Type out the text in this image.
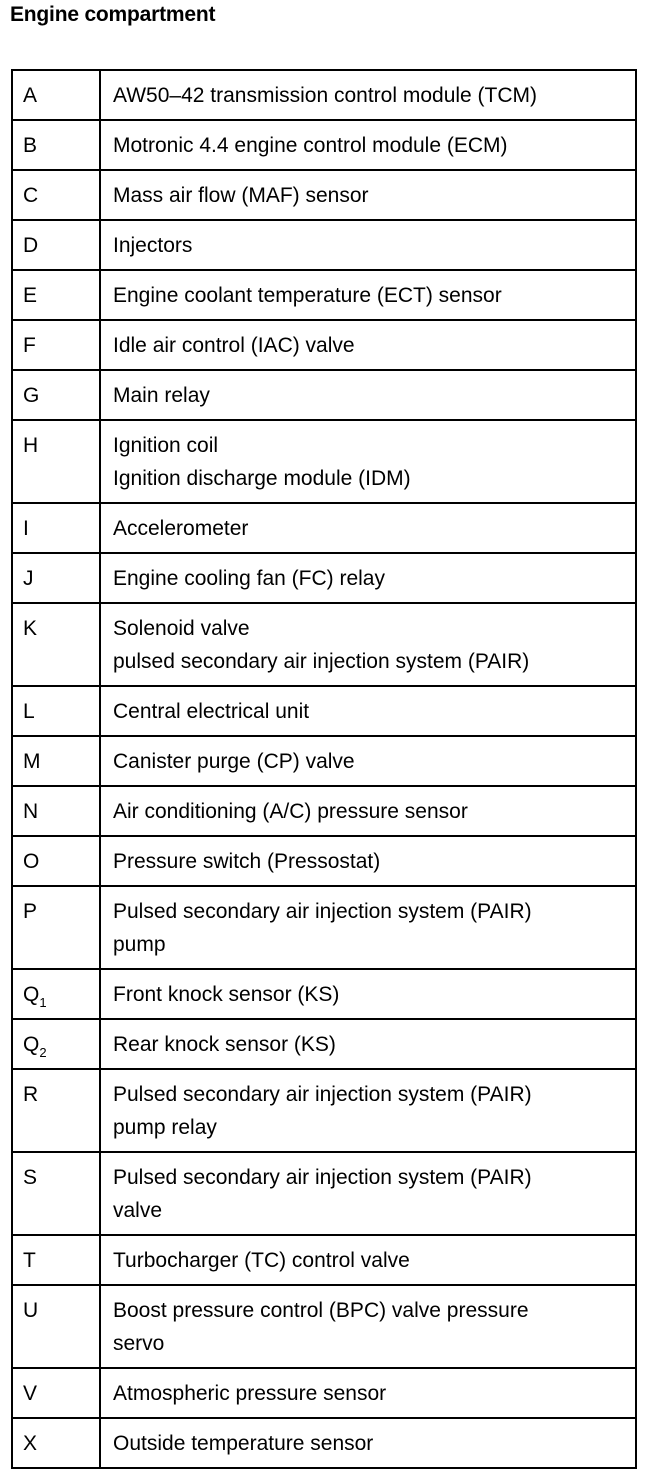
Engine compartment
A	AW50–42 transmission control module (TCM)

B	Motronic 4.4 engine control module (ECM)

C	Mass air flow (MAF) sensor

D	Injectors

E	Engine coolant temperature (ECT) sensor

F	Idle air control (IAC) valve

G	Main relay

H	Ignition coil
Ignition discharge module (IDM)

I	Accelerometer

J	Engine cooling fan (FC) relay

K	Solenoid valve
pulsed secondary air injection system (PAIR)

L	Central electrical unit

M	Canister purge (CP) valve

N	Air conditioning (A/C) pressure sensor

O	Pressure switch (Pressostat)

P	Pulsed secondary air injection system (PAIR)
pump

$Q_1$	Front knock sensor (KS)

$Q_2$	Rear knock sensor (KS)

R	Pulsed secondary air injection system (PAIR)
pump relay

S	Pulsed secondary air injection system (PAIR)
valve

T	Turbocharger (TC) control valve

U	Boost pressure control (BPC) valve pressure
servo

V	Atmospheric pressure sensor

X	Outside temperature sensor
